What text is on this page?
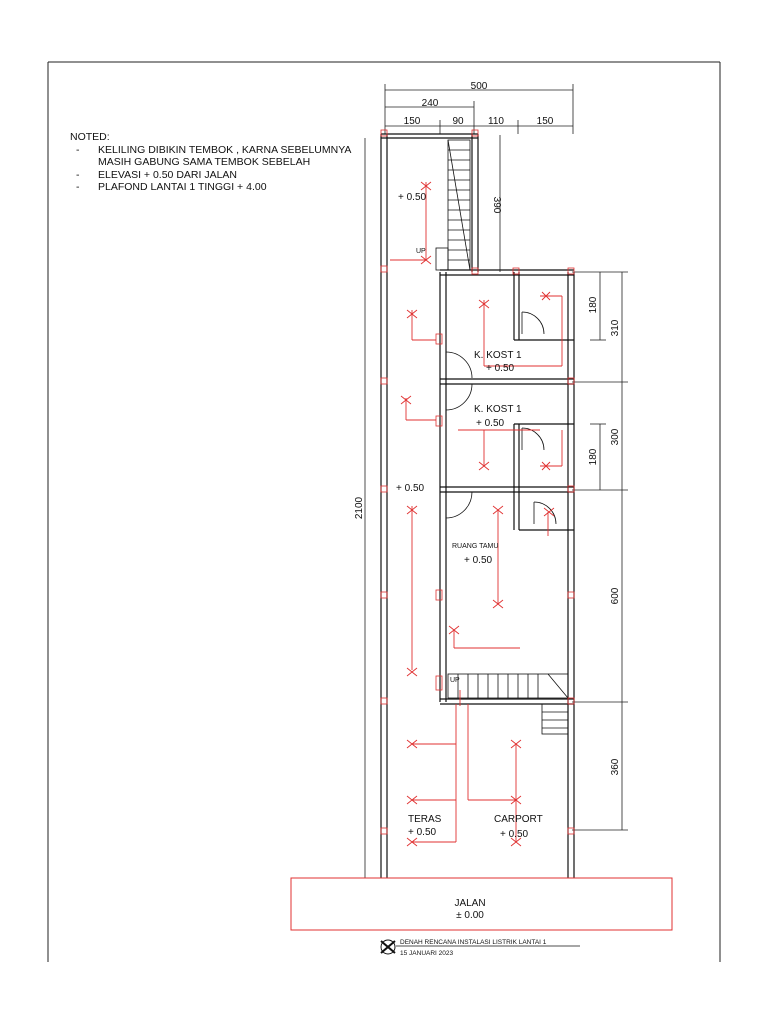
NOTED:
-	KELILING DIBIKIN TEMBOK , KARNA SEBELUMNYA
MASIH GABUNG SAMA TEMBOK SEBELAH
-	ELEVASI + 0.50 DARI JALAN
-	PLAFOND LANTAI 1 TINGGI + 4.00
500
240
150	90 110	150
390
2100
180
310
300
180
600
360
+ 0.50
UP
K. KOST 1
+ 0.50
K. KOST 1
+ 0.50
+ 0.50
RUANG TAMU
+ 0.50
UP
TERAS
+ 0.50
CARPORT
+ 0.50
JALAN
± 0.00
DENAH RENCANA INSTALASI LISTRIK LANTAI 1
15 JANUARI 2023
